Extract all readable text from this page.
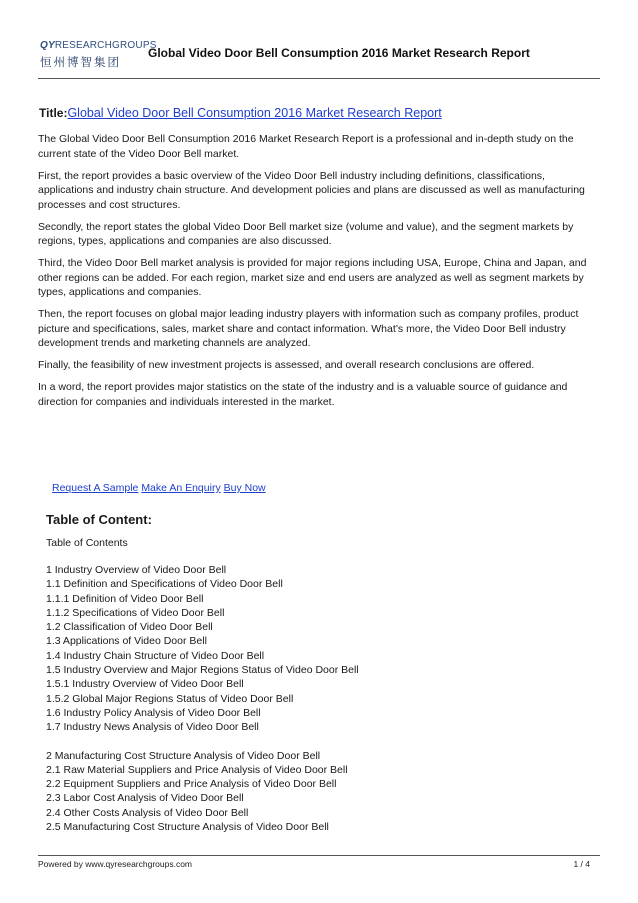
QYRESEARCHGROUPS
恒州博智集团
Global Video Door Bell Consumption 2016 Market Research Report
Title:Global Video Door Bell Consumption 2016 Market Research Report

The Global Video Door Bell Consumption 2016 Market Research Report is a professional and in-depth study on the current state of the Video Door Bell market.

First, the report provides a basic overview of the Video Door Bell industry including definitions, classifications, applications and industry chain structure. And development policies and plans are discussed as well as manufacturing processes and cost structures.

Secondly, the report states the global Video Door Bell market size (volume and value), and the segment markets by regions, types, applications and companies are also discussed.

Third, the Video Door Bell market analysis is provided for major regions including USA, Europe, China and Japan, and other regions can be added. For each region, market size and end users are analyzed as well as segment markets by types, applications and companies.

Then, the report focuses on global major leading industry players with information such as company profiles, product picture and specifications, sales, market share and contact information. What’s more, the Video Door Bell industry development trends and marketing channels are analyzed.

Finally, the feasibility of new investment projects is assessed, and overall research conclusions are offered.

In a word, the report provides major statistics on the state of the industry and is a valuable source of guidance and direction for companies and individuals interested in the market.

Request A Sample Make An Enquiry Buy Now
Table of Content:
Table of Contents
1 Industry Overview of Video Door Bell
1.1 Definition and Specifications of Video Door Bell
1.1.1 Definition of Video Door Bell
1.1.2 Specifications of Video Door Bell
1.2 Classification of Video Door Bell
1.3 Applications of Video Door Bell
1.4 Industry Chain Structure of Video Door Bell
1.5 Industry Overview and Major Regions Status of Video Door Bell
1.5.1 Industry Overview of Video Door Bell
1.5.2 Global Major Regions Status of Video Door Bell
1.6 Industry Policy Analysis of Video Door Bell
1.7 Industry News Analysis of Video Door Bell
2 Manufacturing Cost Structure Analysis of Video Door Bell
2.1 Raw Material Suppliers and Price Analysis of Video Door Bell
2.2 Equipment Suppliers and Price Analysis of Video Door Bell
2.3 Labor Cost Analysis of Video Door Bell
2.4 Other Costs Analysis of Video Door Bell
2.5 Manufacturing Cost Structure Analysis of Video Door Bell
Powered by www.qyresearchgroups.com	1 / 4
